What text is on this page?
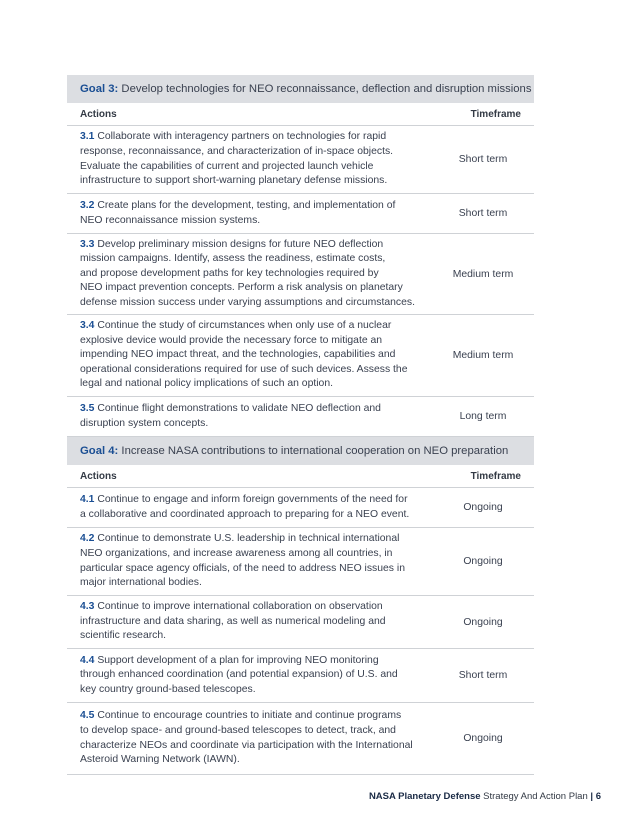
Goal 3: Develop technologies for NEO reconnaissance, deflection and disruption missions
Actions	Timeframe
3.1 Collaborate with interagency partners on technologies for rapid
response, reconnaissance, and characterization of in-space objects.
Evaluate the capabilities of current and projected launch vehicle
infrastructure to support short-warning planetary defense missions.
Short term
3.2 Create plans for the development, testing, and implementation of
NEO reconnaissance mission systems.
Short term
3.3 Develop preliminary mission designs for future NEO deflection
mission campaigns. Identify, assess the readiness, estimate costs,
and propose development paths for key technologies required by
NEO impact prevention concepts. Perform a risk analysis on planetary
defense mission success under varying assumptions and circumstances.
Medium term
3.4 Continue the study of circumstances when only use of a nuclear
explosive device would provide the necessary force to mitigate an
impending NEO impact threat, and the technologies, capabilities and
operational considerations required for use of such devices. Assess the
legal and national policy implications of such an option.
Medium term
3.5 Continue flight demonstrations to validate NEO deflection and
disruption system concepts.
Long term
Goal 4: Increase NASA contributions to international cooperation on NEO preparation
Actions	Timeframe
4.1 Continue to engage and inform foreign governments of the need for
a collaborative and coordinated approach to preparing for a NEO event.
Ongoing
4.2 Continue to demonstrate U.S. leadership in technical international
NEO organizations, and increase awareness among all countries, in
particular space agency officials, of the need to address NEO issues in
major international bodies.
Ongoing
4.3 Continue to improve international collaboration on observation
infrastructure and data sharing, as well as numerical modeling and
scientific research.
Ongoing
4.4 Support development of a plan for improving NEO monitoring
through enhanced coordination (and potential expansion) of U.S. and
key country ground-based telescopes.
Short term
4.5 Continue to encourage countries to initiate and continue programs
to develop space- and ground-based telescopes to detect, track, and
characterize NEOs and coordinate via participation with the International
Asteroid Warning Network (IAWN).
Ongoing
NASA Planetary Defense Strategy And Action Plan | 6
